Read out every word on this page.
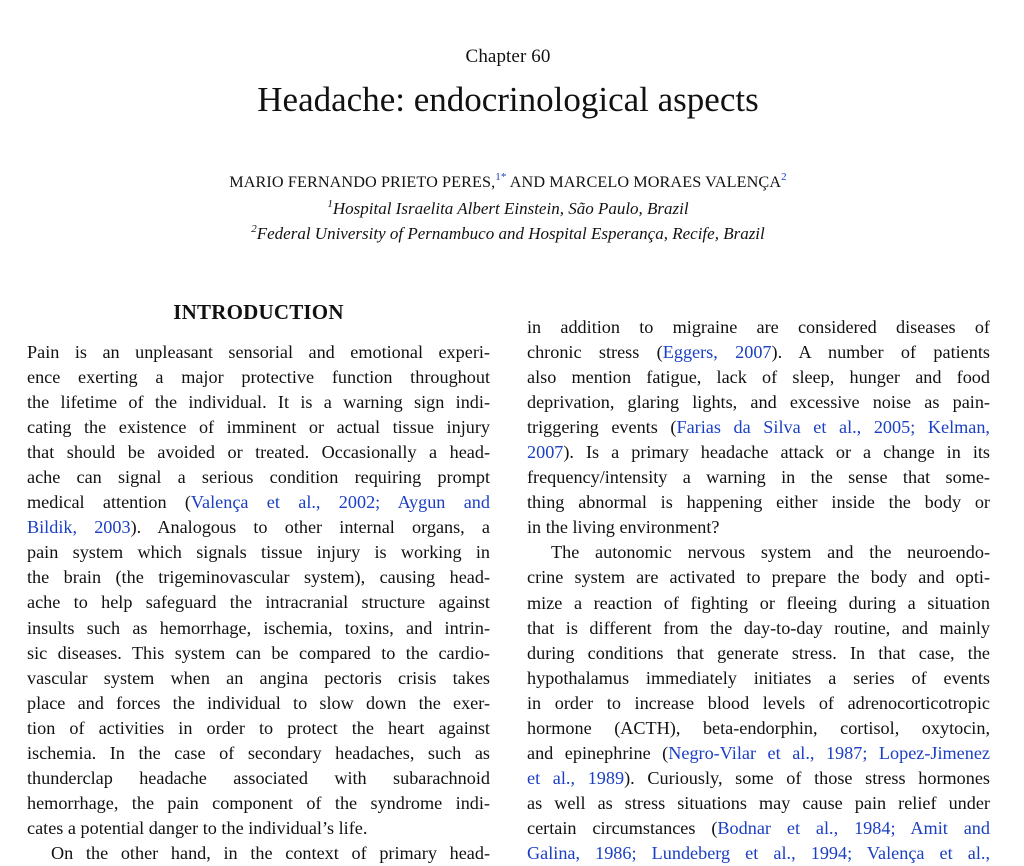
Chapter 60
Headache: endocrinological aspects
MARIO FERNANDO PRIETO PERES,$^{1*}$ AND MARCELO MORAES VALENÇA$^2$
$^1$Hospital Israelita Albert Einstein, São Paulo, Brazil
$^2$Federal University of Pernambuco and Hospital Esperança, Recife, Brazil
INTRODUCTION
Pain is an unpleasant sensorial and emotional experi-
ence exerting a major protective function throughout
the lifetime of the individual. It is a warning sign indi-
cating the existence of imminent or actual tissue injury
that should be avoided or treated. Occasionally a head-
ache can signal a serious condition requiring prompt
medical attention (Valença et al., 2002; Aygun and
Bildik, 2003). Analogous to other internal organs, a
pain system which signals tissue injury is working in
the brain (the trigeminovascular system), causing head-
ache to help safeguard the intracranial structure against
insults such as hemorrhage, ischemia, toxins, and intrin-
sic diseases. This system can be compared to the cardio-
vascular system when an angina pectoris crisis takes
place and forces the individual to slow down the exer-
tion of activities in order to protect the heart against
ischemia. In the case of secondary headaches, such as
thunderclap headache associated with subarachnoid
hemorrhage, the pain component of the syndrome indi-
cates a potential danger to the individual’s life.
On the other hand, in the context of primary head-
in addition to migraine are considered diseases of
chronic stress (Eggers, 2007). A number of patients
also mention fatigue, lack of sleep, hunger and food
deprivation, glaring lights, and excessive noise as pain-
triggering events (Farias da Silva et al., 2005; Kelman,
2007). Is a primary headache attack or a change in its
frequency/intensity a warning in the sense that some-
thing abnormal is happening either inside the body or
in the living environment?
The autonomic nervous system and the neuroendo-
crine system are activated to prepare the body and opti-
mize a reaction of fighting or fleeing during a situation
that is different from the day-to-day routine, and mainly
during conditions that generate stress. In that case, the
hypothalamus immediately initiates a series of events
in order to increase blood levels of adrenocorticotropic
hormone (ACTH), beta-endorphin, cortisol, oxytocin,
and epinephrine (Negro-Vilar et al., 1987; Lopez-Jimenez
et al., 1989). Curiously, some of those stress hormones
as well as stress situations may cause pain relief under
certain circumstances (Bodnar et al., 1984; Amit and
Galina, 1986; Lundeberg et al., 1994; Valença et al.,
